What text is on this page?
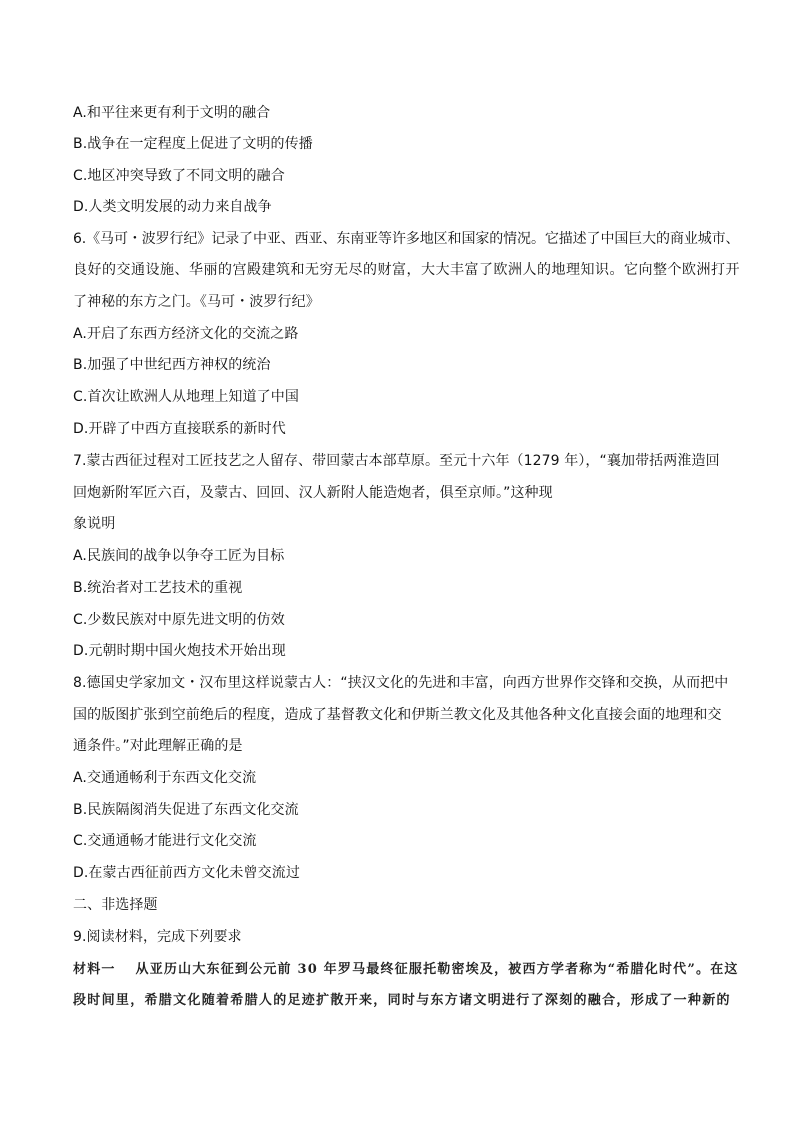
A.和平往来更有利于文明的融合
B.战争在一定程度上促进了文明的传播
C.地区冲突导致了不同文明的融合
D.人类文明发展的动力来自战争
6.《马可・波罗行纪》记录了中亚、西亚、东南亚等许多地区和国家的情况。它描述了中国巨大的商业城市、
良好的交通设施、华丽的宫殿建筑和无穷无尽的财富，大大丰富了欧洲人的地理知识。它向整个欧洲打开
了神秘的东方之门。《马可・波罗行纪》
A.开启了东西方经济文化的交流之路
B.加强了中世纪西方神权的统治
C.首次让欧洲人从地理上知道了中国
D.开辟了中西方直接联系的新时代
7.蒙古西征过程对工匠技艺之人留存、带回蒙古本部草原。至元十六年（1279 年），“襄加带括两淮造回
回炮新附军匠六百，及蒙古、回回、汉人新附人能造炮者，俱至京师。”这种现
象说明
A.民族间的战争以争夺工匠为目标
B.统治者对工艺技术的重视
C.少数民族对中原先进文明的仿效
D.元朝时期中国火炮技术开始出现
8.德国史学家加文・汉布里这样说蒙古人：“挟汉文化的先进和丰富，向西方世界作交锋和交换，从而把中
国的版图扩张到空前绝后的程度，造成了基督教文化和伊斯兰教文化及其他各种文化直接会面的地理和交
通条件。”对此理解正确的是
A.交通通畅利于东西文化交流
B.民族隔阂消失促进了东西文化交流
C.交通通畅才能进行文化交流
D.在蒙古西征前西方文化未曾交流过
二、非选择题
9.阅读材料，完成下列要求
材料一　 从亚历山大东征到公元前 30 年罗马最终征服托勒密埃及，被西方学者称为“希腊化时代”。在这
段时间里，希腊文化随着希腊人的足迹扩散开来，同时与东方诸文明进行了深刻的融合，形成了一种新的
